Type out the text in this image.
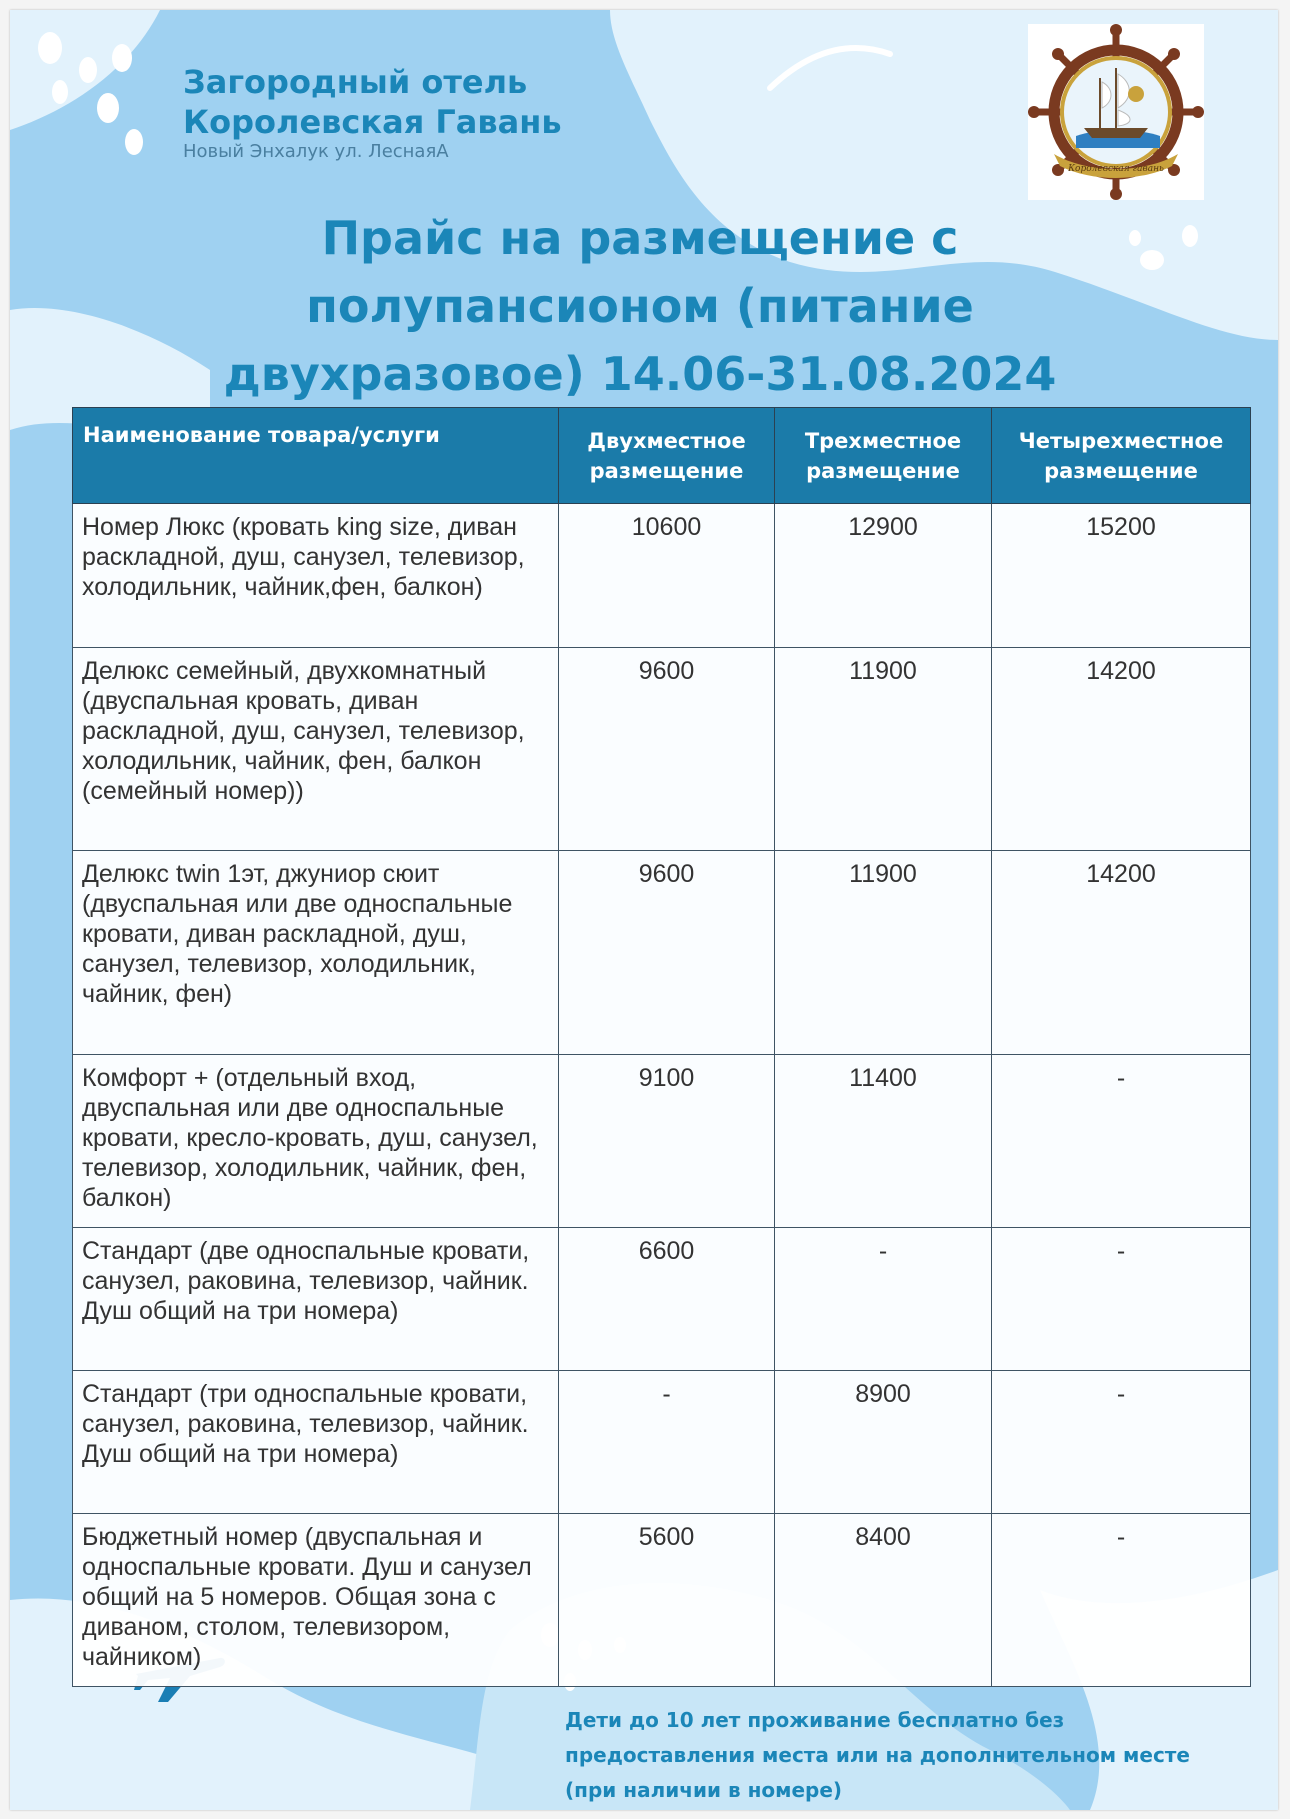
Загородный отель
Королевская Гавань

Новый Энхалук ул. ЛеснаяА

Королевская гавань
Прайс на размещение с
полупансионом (питание
двухразовое) 14.06-31.08.2024
Наименование товара/услуги	Двухместное размещение	Трехместное размещение	Четырехместное размещение
Номер Люкс (кровать king size, диван раскладной, душ, санузел, телевизор, холодильник, чайник,фен, балкон)	10600	12900	15200
Делюкс семейный, двухкомнатный (двуспальная кровать, диван раскладной, душ, санузел, телевизор, холодильник, чайник, фен, балкон (семейный номер))	9600	11900	14200
Делюкс twin 1эт, джуниор сюит (двуспальная или две односпальные кровати, диван раскладной, душ, санузел, телевизор, холодильник, чайник, фен)	9600	11900	14200
Комфорт + (отдельный вход, двуспальная или две односпальные кровати, кресло-кровать, душ, санузел, телевизор, холодильник, чайник, фен, балкон)	9100	11400	-
Стандарт (две односпальные кровати, санузел, раковина, телевизор, чайник. Душ общий на три номера)	6600	-	-
Стандарт (три односпальные кровати, санузел, раковина, телевизор, чайник. Душ общий на три номера)	-	8900	-
Бюджетный номер (двуспальная и односпальные кровати. Душ и санузел общий на 5 номеров. Общая зона с диваном, столом, телевизором, чайником)	5600	8400	-

Дети до 10 лет проживание бесплатно без
предоставления места или на дополнительном месте
(при наличии в номере)
